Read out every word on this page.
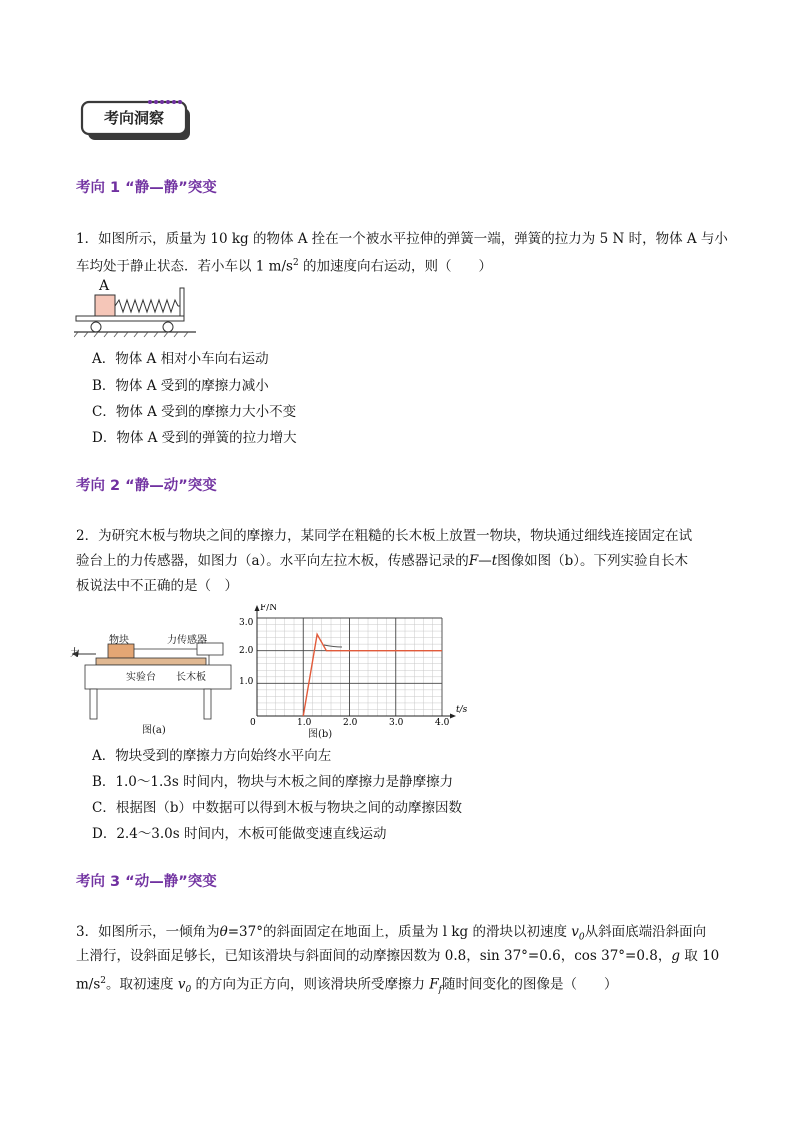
考向洞察
考向 1 “静—静”突变
1．如图所示，质量为 10 kg 的物体 A 拴在一个被水平拉伸的弹簧一端，弹簧的拉力为 5 N 时，物体 A 与小
车均处于静止状态．若小车以 1 $m/s^2$ 的加速度向右运动，则（　　）
A
A．物体 A 相对小车向右运动
B．物体 A 受到的摩擦力减小
C．物体 A 受到的摩擦力大小不变
D．物体 A 受到的弹簧的拉力增大
考向 2 “静—动”突变
2．为研究木板与物块之间的摩擦力，某同学在粗糙的长木板上放置一物块，物块通过细线连接固定在试
验台上的力传感器，如图力（a）。水平向左拉木板，传感器记录的F—t图像如图（b）。下列实验自长木
板说法中不正确的是（　）
力
物块	力传感器
实验台 长木板
图(a)
F/N
t/s
3.0
2.0
1.0
0	1.0	2.0	3.0	4.0
图(b)
A．物块受到的摩擦力方向始终水平向左
B．1.0～1.3s 时间内，物块与木板之间的摩擦力是静摩擦力
C．根据图（b）中数据可以得到木板与物块之间的动摩擦因数
D．2.4～3.0s 时间内，木板可能做变速直线运动
考向 3 “动—静”突变
3．如图所示，一倾角为θ=37°的斜面固定在地面上，质量为 l kg 的滑块以初速度 $v_0$从斜面底端沿斜面向
上滑行，设斜面足够长，已知该滑块与斜面间的动摩擦因数为 0.8，sin 37°=0.6，cos 37°=0.8，g 取 10
$m/s^2$。取初速度 $v_0$ 的方向为正方向，则该滑块所受摩擦力 $F_f$随时间变化的图像是（　　）
